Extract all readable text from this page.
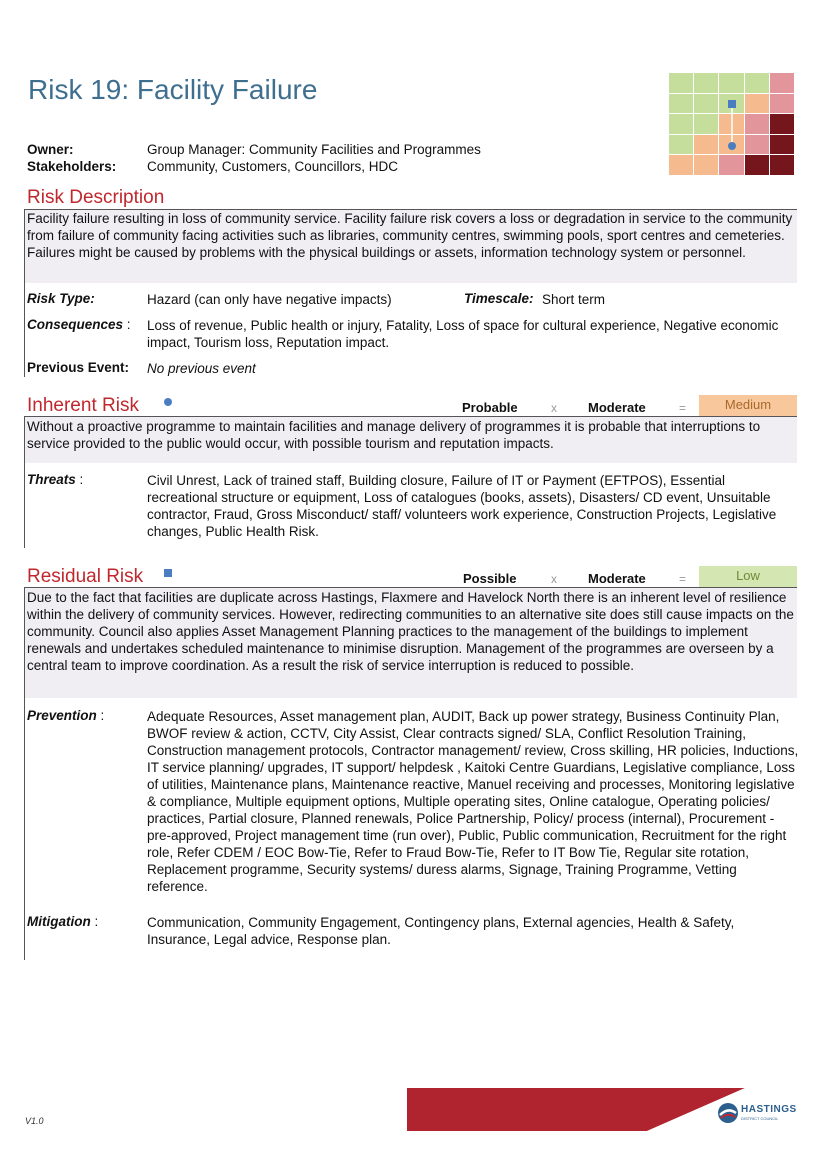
Risk 19: Facility Failure
Owner:	Group Manager: Community Facilities and Programmes
Stakeholders: Community, Customers, Councillors, HDC
Risk Description
Facility failure resulting in loss of community service. Facility failure risk covers a loss or degradation in service to the community from failure of community facing activities such as libraries, community centres, swimming pools, sport centres and cemeteries. Failures might be caused by problems with the physical buildings or assets, information technology system or personnel.
Risk Type:	Hazard (can only have negative impacts)	Timescale: Short term
Consequences : Loss of revenue, Public health or injury, Fatality, Loss of space for cultural experience, Negative economic impact, Tourism loss, Reputation impact.
Previous Event: No previous event
Inherent Risk	Probable	x Moderate	=	Medium
Without a proactive programme to maintain facilities and manage delivery of programmes it is probable that interruptions to service provided to the public would occur, with possible tourism and reputation impacts.
Threats :	Civil Unrest, Lack of trained staff, Building closure, Failure of IT or Payment (EFTPOS), Essential recreational structure or equipment, Loss of catalogues (books, assets), Disasters/ CD event, Unsuitable contractor, Fraud, Gross Misconduct/ staff/ volunteers work experience, Construction Projects, Legislative changes, Public Health Risk.
Residual Risk	Possible	x Moderate	=	Low
Due to the fact that facilities are duplicate across Hastings, Flaxmere and Havelock North there is an inherent level of resilience within the delivery of community services. However, redirecting communities to an alternative site does still cause impacts on the community. Council also applies Asset Management Planning practices to the management of the buildings to implement renewals and undertakes scheduled maintenance to minimise disruption. Management of the programmes are overseen by a central team to improve coordination. As a result the risk of service interruption is reduced to possible.
Prevention :	Adequate Resources, Asset management plan, AUDIT, Back up power strategy, Business Continuity Plan, BWOF review & action, CCTV, City Assist, Clear contracts signed/ SLA, Conflict Resolution Training, Construction management protocols, Contractor management/ review, Cross skilling, HR policies, Inductions, IT service planning/ upgrades, IT support/ helpdesk , Kaitoki Centre Guardians, Legislative compliance, Loss of utilities, Maintenance plans, Maintenance reactive, Manuel receiving and processes, Monitoring legislative & compliance, Multiple equipment options, Multiple operating sites, Online catalogue, Operating policies/ practices, Partial closure, Planned renewals, Police Partnership, Policy/ process (internal), Procurement - pre-approved, Project management time (run over), Public, Public communication, Recruitment for the right role, Refer CDEM / EOC Bow-Tie, Refer to Fraud Bow-Tie, Refer to IT Bow Tie, Regular site rotation, Replacement programme, Security systems/ duress alarms, Signage, Training Programme, Vetting reference.
Mitigation :	Communication, Community Engagement, Contingency plans, External agencies, Health & Safety, Insurance, Legal advice, Response plan.
V1.0
HASTINGS
DISTRICT COUNCIL
